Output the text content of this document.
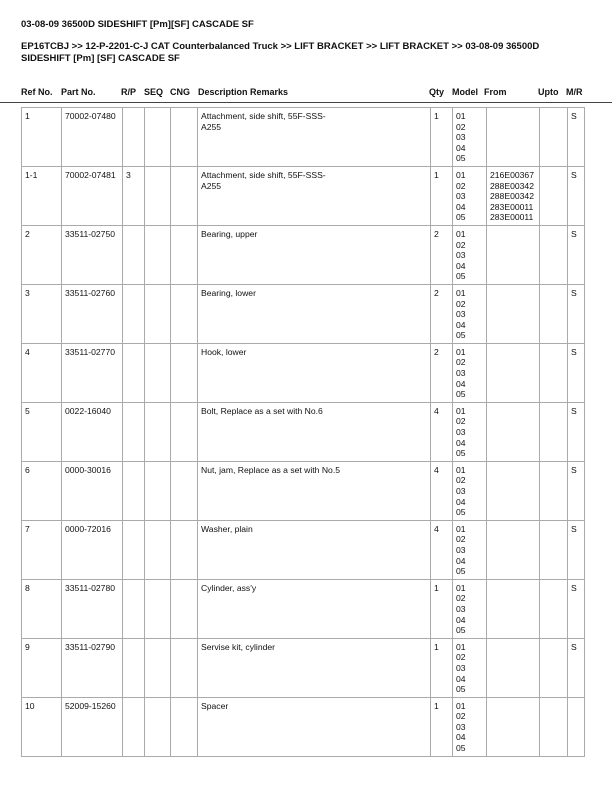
03-08-09 36500D SIDESHIFT [Pm][SF] CASCADE SF
EP16TCBJ >> 12-P-2201-C-J CAT Counterbalanced Truck >> LIFT BRACKET >> LIFT BRACKET >> 03-08-09 36500D SIDESHIFT [Pm] [SF] CASCADE SF
Ref No. Part No.	R/P SEQ CNG Description Remarks	Qty Model From	Upto M/R
1	70002-07480				Attachment, side shift, 55F-SSS-
A255	1	01
02
03
04
05			S
1-1	70002-07481	3			Attachment, side shift, 55F-SSS-
A255	1	01
02
03
04
05	216E00367
288E00342
288E00342
283E00011
283E00011		S
2	33511-02750				Bearing, upper	2	01
02
03
04
05			S
3	33511-02760				Bearing, lower	2	01
02
03
04
05			S
4	33511-02770				Hook, lower	2	01
02
03
04
05			S
5	0022-16040				Bolt, Replace as a set with No.6	4	01
02
03
04
05			S
6	0000-30016				Nut, jam, Replace as a set with No.5	4	01
02
03
04
05			S
7	0000-72016				Washer, plain	4	01
02
03
04
05			S
8	33511-02780				Cylinder, ass'y	1	01
02
03
04
05			S
9	33511-02790				Servise kit, cylinder	1	01
02
03
04
05			S
10	52009-15260				Spacer	1	01
02
03
04
05			
